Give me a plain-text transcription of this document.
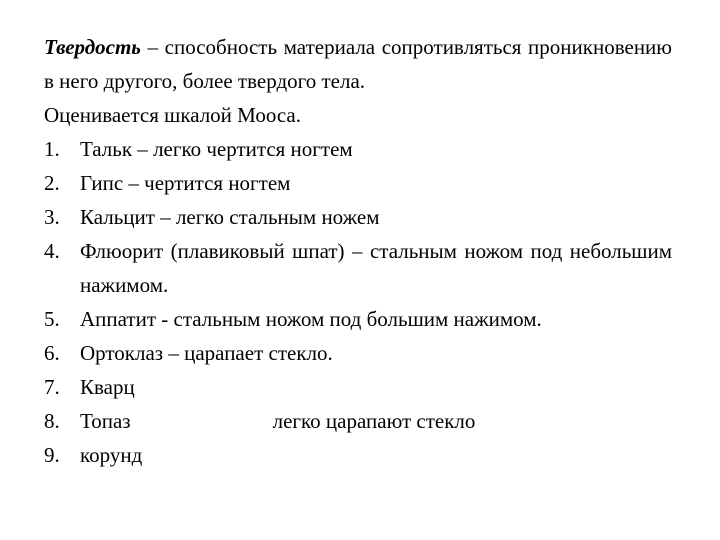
Твердость – способность материала сопротивляться проникновению в него другого, более твердого тела.
Оценивается шкалой Мооса.
1. Тальк – легко чертится ногтем
2. Гипс – чертится ногтем
3. Кальцит – легко стальным ножем
4. Флюорит (плавиковый шпат) – стальным ножом под небольшим нажимом.
5. Аппатит - стальным ножом под большим нажимом.
6. Ортоклаз – царапает стекло.
7. Кварц
8. Топаз	легко царапают стекло
9. корунд
